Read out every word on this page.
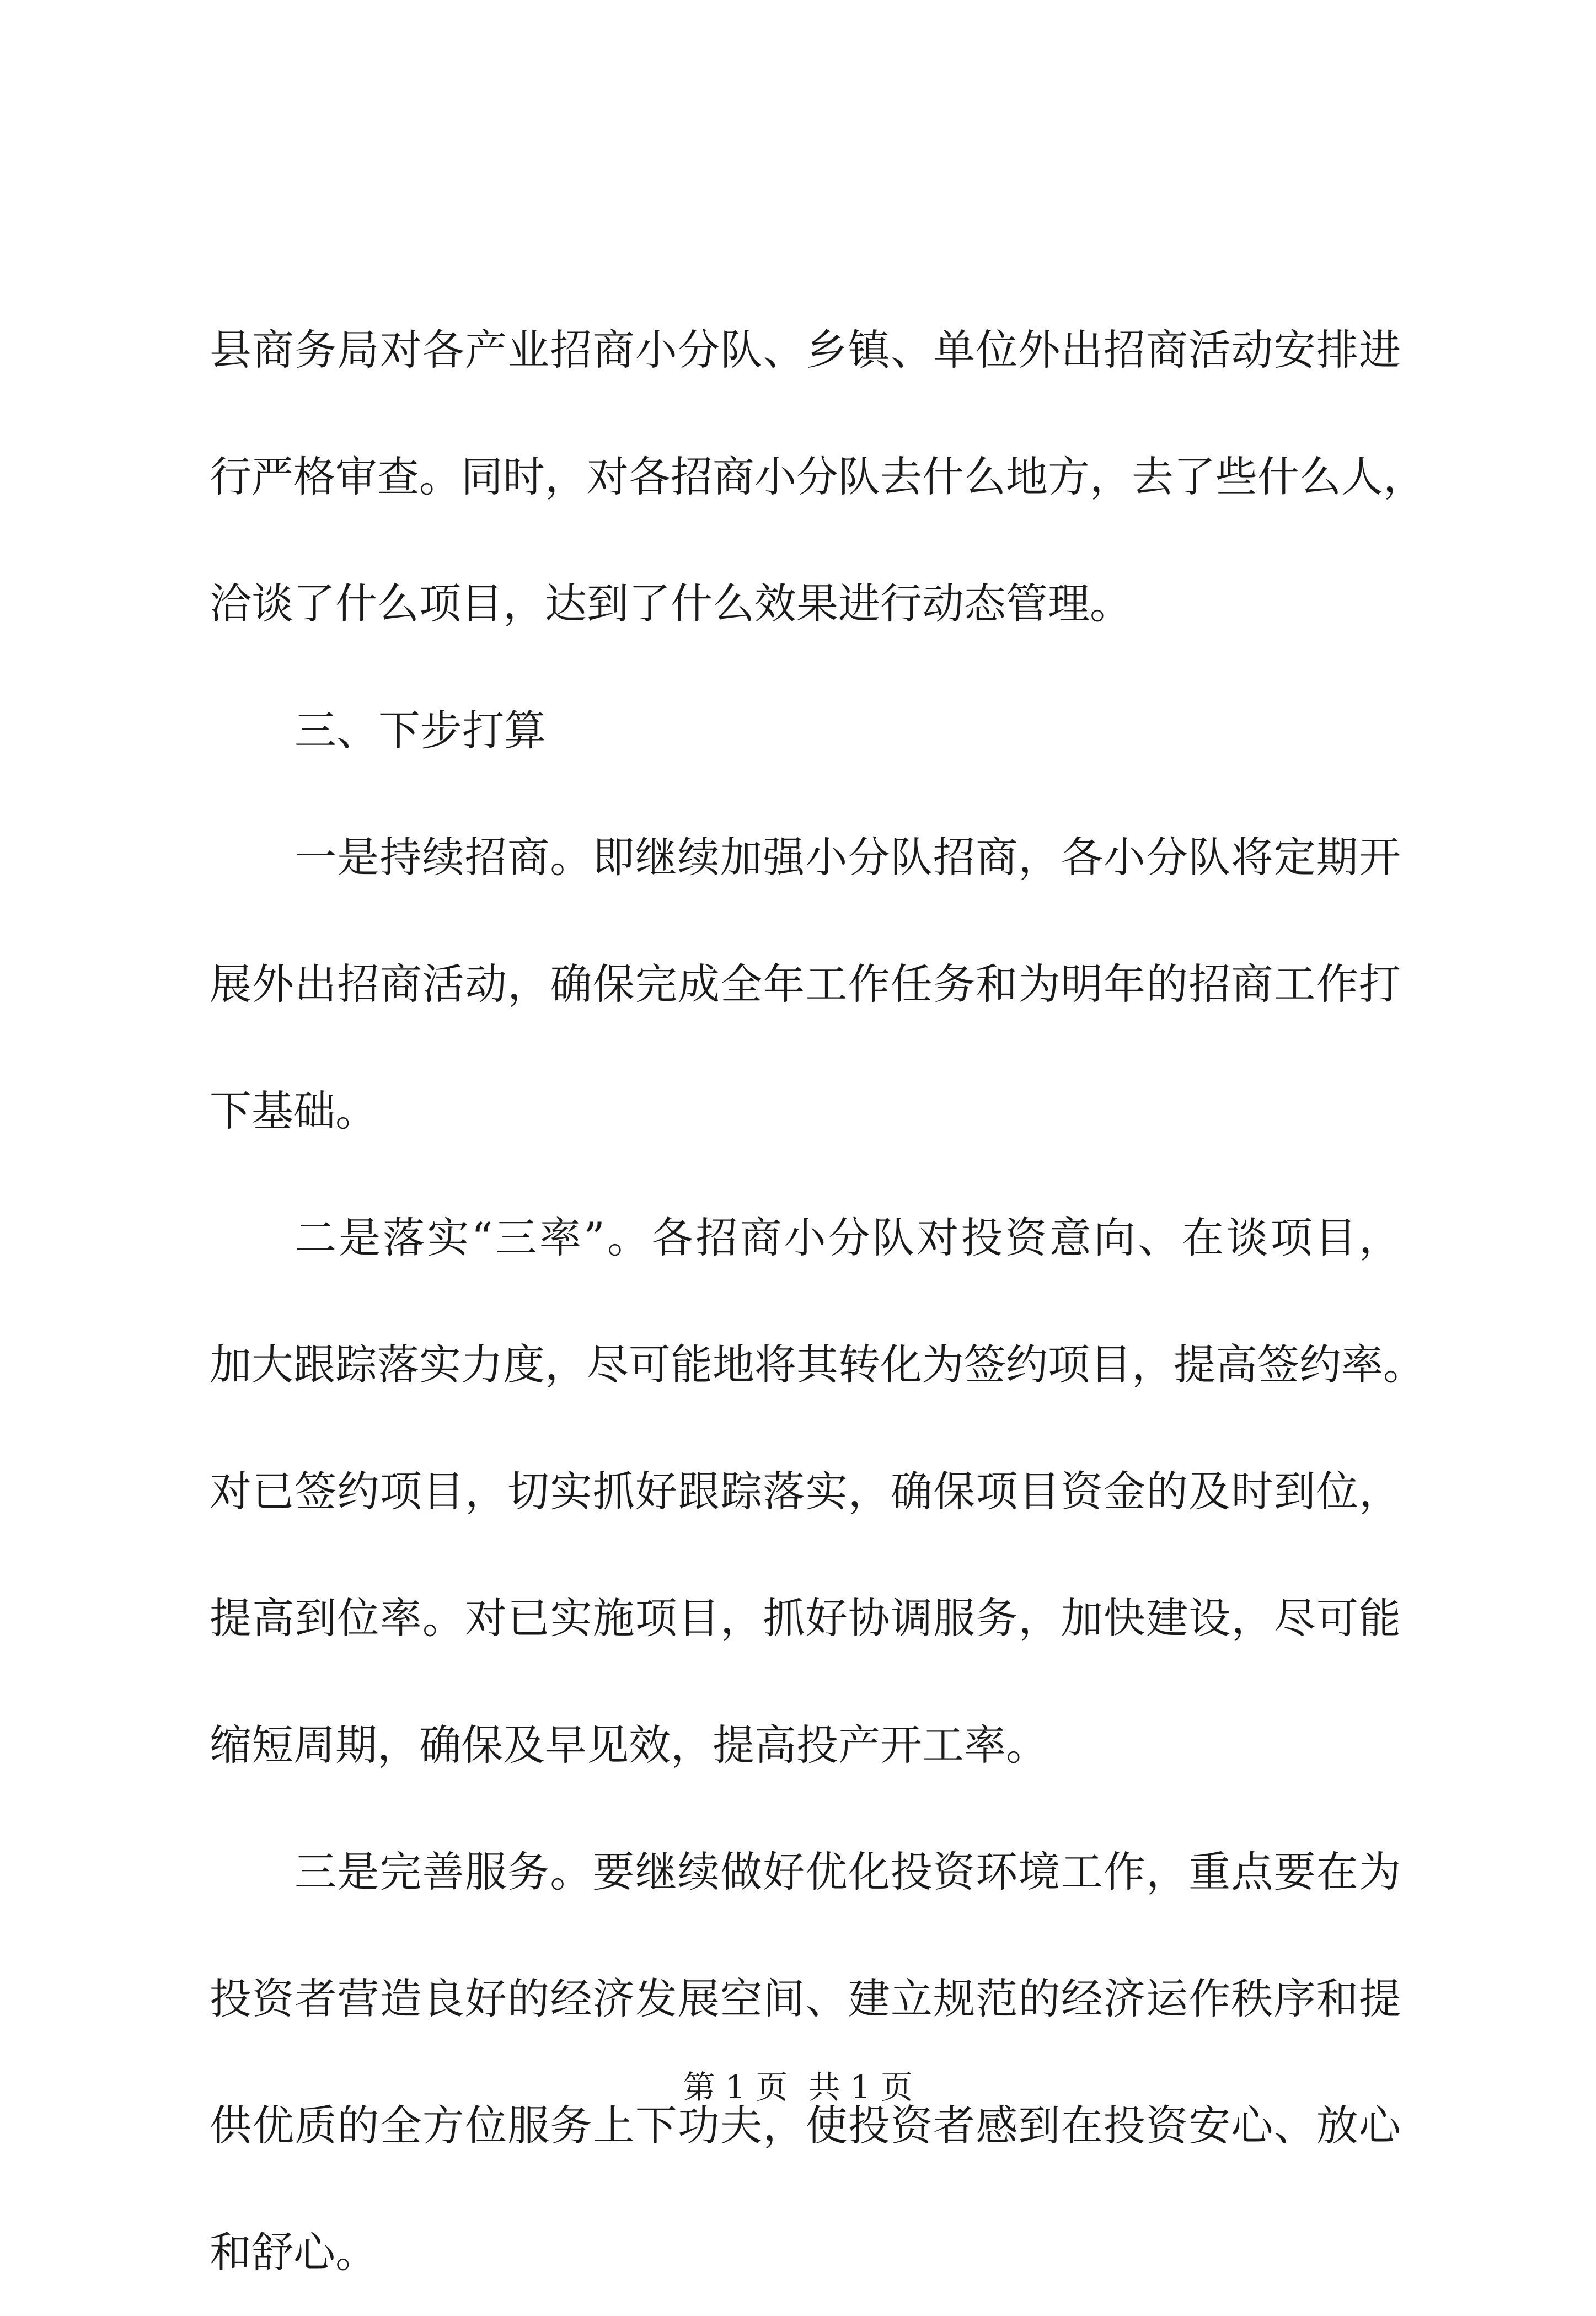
县商务局对各产业招商小分队、乡镇、单位外出招商活动安排进
行严格审查。同时，对各招商小分队去什么地方，去了些什么人，
洽谈了什么项目，达到了什么效果进行动态管理。
三、下步打算
一是持续招商。即继续加强小分队招商，各小分队将定期开
展外出招商活动，确保完成全年工作任务和为明年的招商工作打
下基础。
二是落实“三率”。各招商小分队对投资意向、在谈项目，
加大跟踪落实力度，尽可能地将其转化为签约项目，提高签约率。
对已签约项目，切实抓好跟踪落实，确保项目资金的及时到位，
提高到位率。对已实施项目，抓好协调服务，加快建设，尽可能
缩短周期，确保及早见效，提高投产开工率。
三是完善服务。要继续做好优化投资环境工作，重点要在为
投资者营造良好的经济发展空间、建立规范的经济运作秩序和提
供优质的全方位服务上下功夫，使投资者感到在投资安心、放心
和舒心。
第 1 页  共 1 页
